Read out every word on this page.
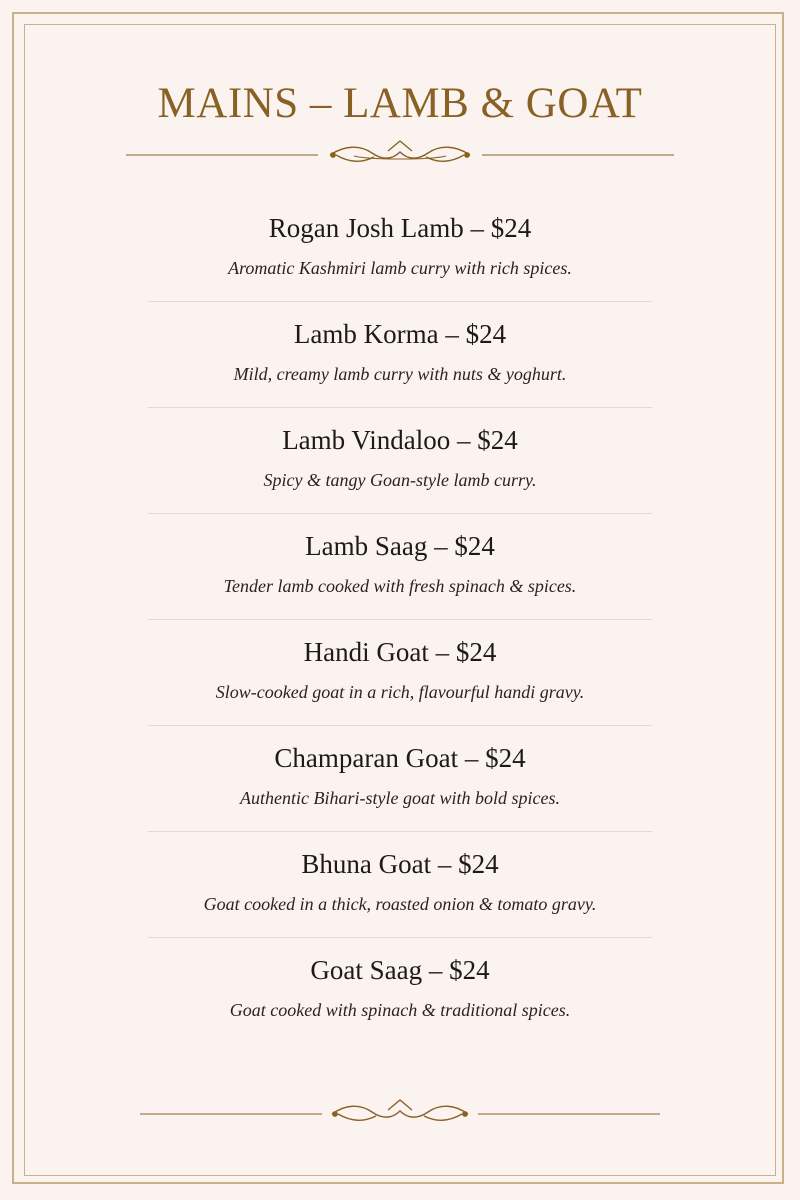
MAINS – LAMB & GOAT
Rogan Josh Lamb – $24
Aromatic Kashmiri lamb curry with rich spices.
Lamb Korma – $24
Mild, creamy lamb curry with nuts & yoghurt.
Lamb Vindaloo – $24
Spicy & tangy Goan-style lamb curry.
Lamb Saag – $24
Tender lamb cooked with fresh spinach & spices.
Handi Goat – $24
Slow-cooked goat in a rich, flavourful handi gravy.
Champaran Goat – $24
Authentic Bihari-style goat with bold spices.
Bhuna Goat – $24
Goat cooked in a thick, roasted onion & tomato gravy.
Goat Saag – $24
Goat cooked with spinach & traditional spices.
